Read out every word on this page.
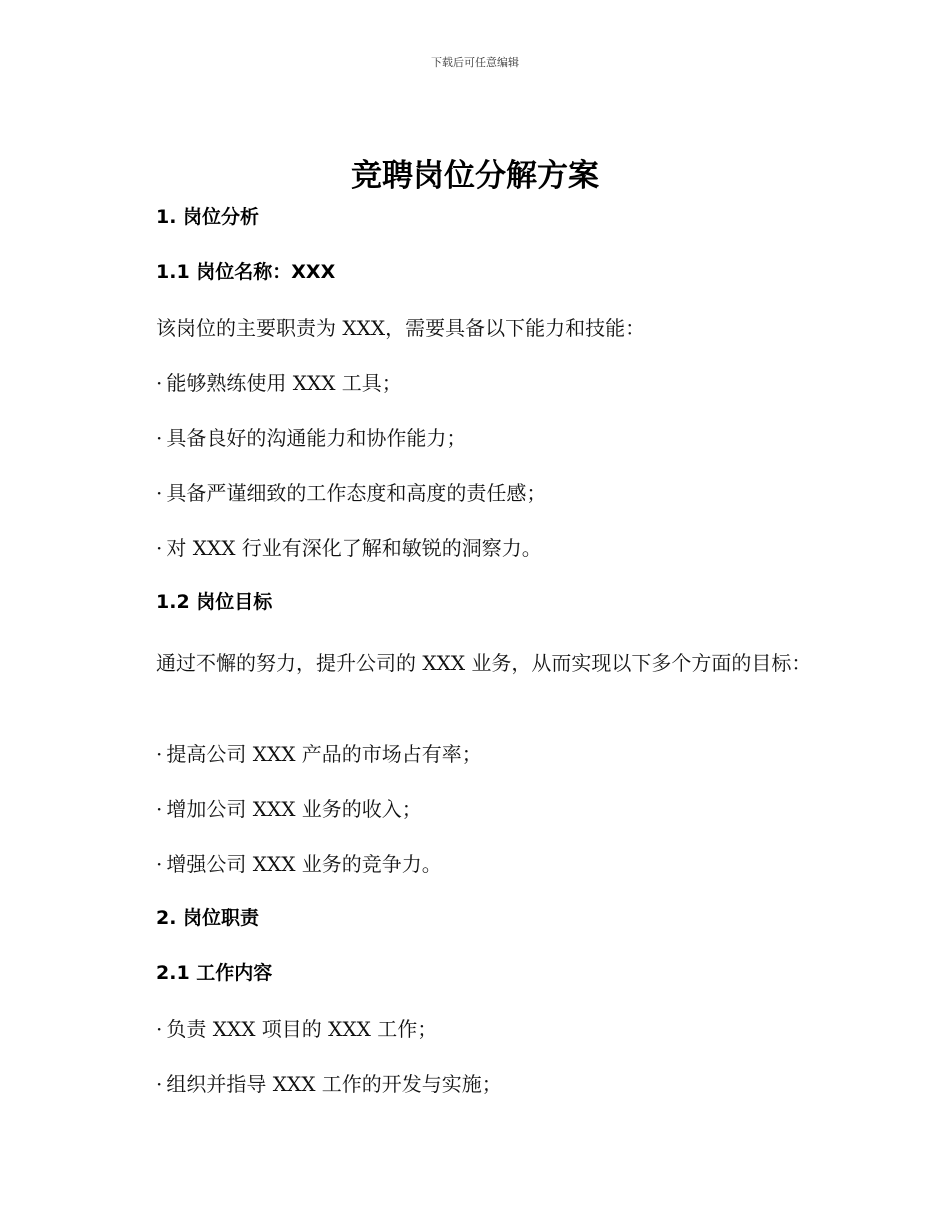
下载后可任意编辑
竞聘岗位分解方案
1. 岗位分析
1.1 岗位名称：XXX
该岗位的主要职责为 XXX，需要具备以下能力和技能：
· 能够熟练使用 XXX 工具；
· 具备良好的沟通能力和协作能力；
· 具备严谨细致的工作态度和高度的责任感；
· 对 XXX 行业有深化了解和敏锐的洞察力。
1.2 岗位目标
通过不懈的努力，提升公司的 XXX 业务，从而实现以下多个方面的目标：
· 提高公司 XXX 产品的市场占有率；
· 增加公司 XXX 业务的收入；
· 增强公司 XXX 业务的竞争力。
2. 岗位职责
2.1 工作内容
· 负责 XXX 项目的 XXX 工作；
· 组织并指导 XXX 工作的开发与实施；
